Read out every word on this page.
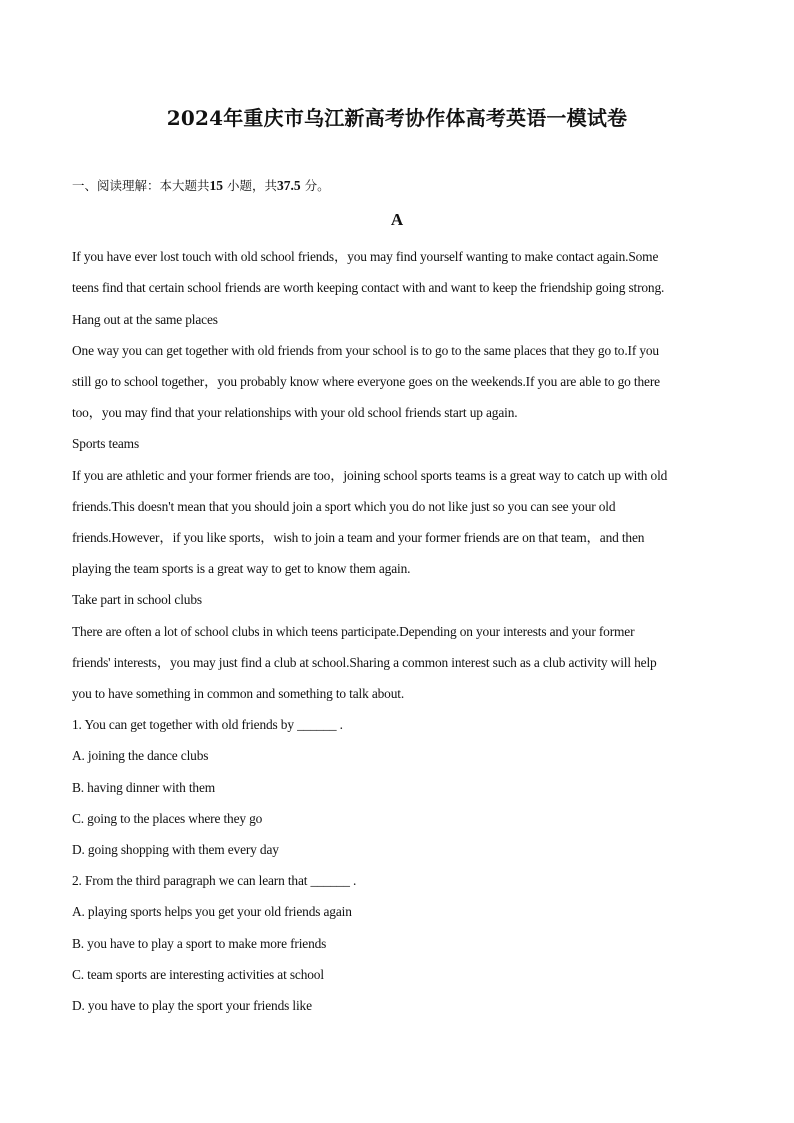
2024年重庆市乌江新高考协作体高考英语一模试卷
一、阅读理解：本大题共15 小题，共37.5 分。
A
If you have ever lost touch with old school friends，you may find yourself wanting to make contact again.Some
teens find that certain school friends are worth keeping contact with and want to keep the friendship going strong.
Hang out at the same places
One way you can get together with old friends from your school is to go to the same places that they go to.If you
still go to school together，you probably know where everyone goes on the weekends.If you are able to go there
too，you may find that your relationships with your old school friends start up again.
Sports teams
If you are athletic and your former friends are too，joining school sports teams is a great way to catch up with old
friends.This doesn't mean that you should join a sport which you do not like just so you can see your old
friends.However，if you like sports，wish to join a team and your former friends are on that team，and then
playing the team sports is a great way to get to know them again.
Take part in school clubs
There are often a lot of school clubs in which teens participate.Depending on your interests and your former
friends' interests，you may just find a club at school.Sharing a common interest such as a club activity will help
you to have something in common and something to talk about.
1. You can get together with old friends by ______ .
A. joining the dance clubs
B. having dinner with them
C. going to the places where they go
D. going shopping with them every day
2. From the third paragraph we can learn that ______ .
A. playing sports helps you get your old friends again
B. you have to play a sport to make more friends
C. team sports are interesting activities at school
D. you have to play the sport your friends like
